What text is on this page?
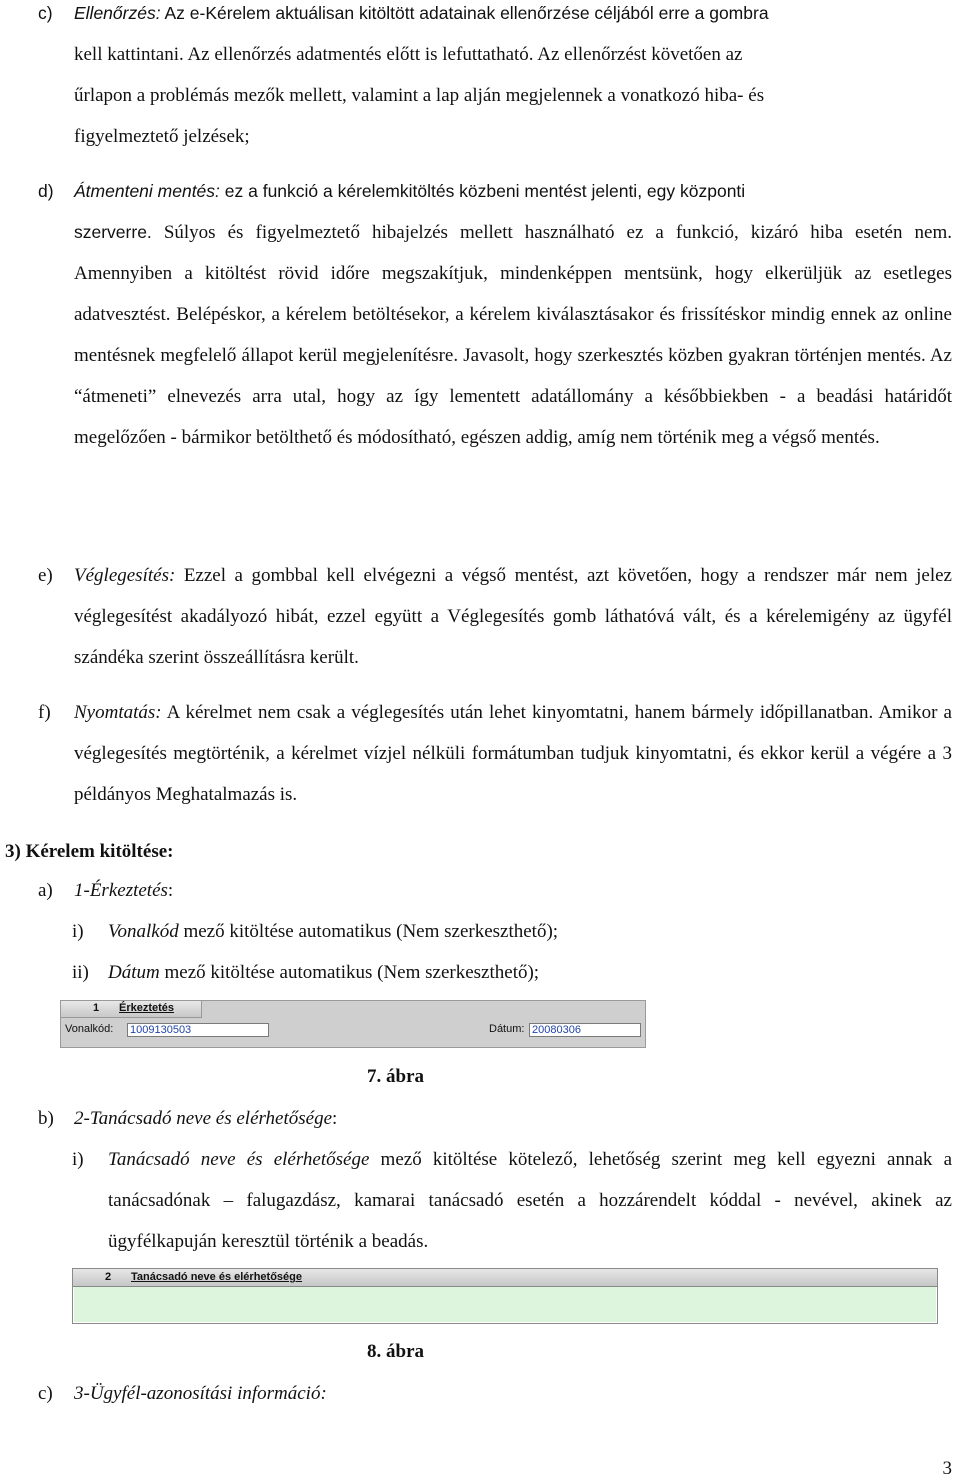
c) Ellenőrzés: Az e-Kérelem aktuálisan kitöltött adatainak ellenőrzése céljából erre a gombra
kell kattintani. Az ellenőrzés adatmentés előtt is lefuttatható. Az ellenőrzést követően az
űrlapon a problémás mezők mellett, valamint a lap alján megjelennek a vonatkozó hiba- és
figyelmeztető jelzések;
d) Átmenteni mentés: ez a funkció a kérelemkitöltés közbeni mentést jelenti, egy központi
szerverre. Súlyos és figyelmeztető hibajelzés mellett használható ez a funkció, kizáró hiba esetén nem. Amennyiben a kitöltést rövid időre megszakítjuk, mindenképpen mentsünk, hogy elkerüljük az esetleges adatvesztést. Belépéskor, a kérelem betöltésekor, a kérelem kiválasztásakor és frissítéskor mindig ennek az online mentésnek megfelelő állapot kerül megjelenítésre. Javasolt, hogy szerkesztés közben gyakran történjen mentés. Az “átmeneti” elnevezés arra utal, hogy az így lementett adatállomány a későbbiekben - a beadási határidőt megelőzően - bármikor betölthető és módosítható, egészen addig, amíg nem történik meg a végső mentés.
e) Véglegesítés: Ezzel a gombbal kell elvégezni a végső mentést, azt követően, hogy a rendszer már nem jelez véglegesítést akadályozó hibát, ezzel együtt a Véglegesítés gomb láthatóvá vált, és a kérelemigény az ügyfél szándéka szerint összeállításra került.
f) Nyomtatás: A kérelmet nem csak a véglegesítés után lehet kinyomtatni, hanem bármely időpillanatban. Amikor a véglegesítés megtörténik, a kérelmet vízjel nélküli formátumban tudjuk kinyomtatni, és ekkor kerül a végére a 3 példányos Meghatalmazás is.
3) Kérelem kitöltése:
a) 1-Érkeztetés:
i) Vonalkód mező kitöltése automatikus (Nem szerkeszthető);
ii) Dátum mező kitöltése automatikus (Nem szerkeszthető);
1 Érkeztetés
Vonalkód: 1009130503	Dátum: 20080306
7. ábra
b) 2-Tanácsadó neve és elérhetősége:
i) Tanácsadó neve és elérhetősége mező kitöltése kötelező, lehetőség szerint meg kell egyezni annak a tanácsadónak – falugazdász, kamarai tanácsadó esetén a hozzárendelt kóddal - nevével, akinek az ügyfélkapuján keresztül történik a beadás.
2 Tanácsadó neve és elérhetősége
8. ábra
c) 3-Ügyfél-azonosítási információ:
3
